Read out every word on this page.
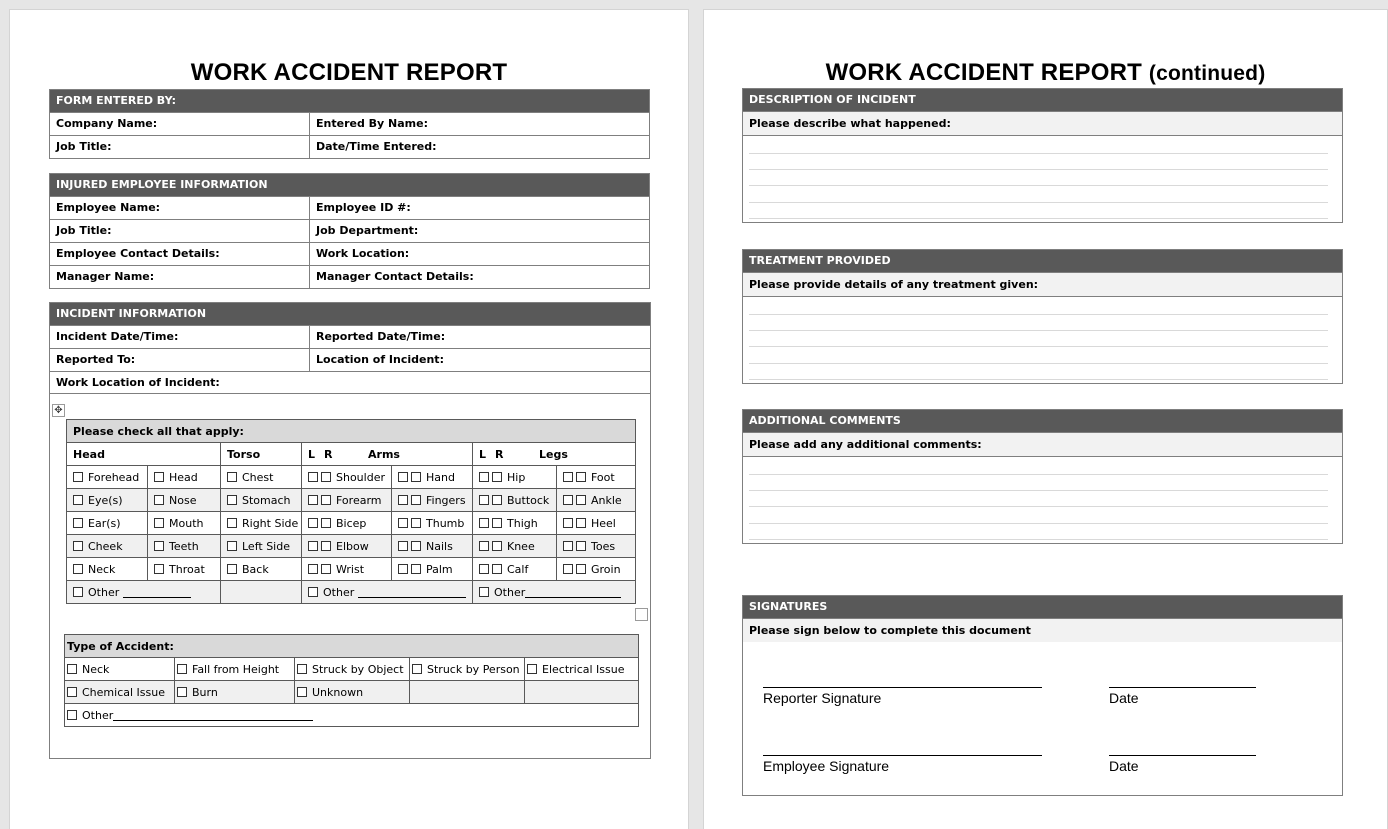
WORK ACCIDENT REPORT
FORM ENTERED BY:
Company Name:	Entered By Name:
Job Title:	Date/Time Entered:
INJURED EMPLOYEE INFORMATION
Employee Name:	Employee ID #:
Job Title:	Job Department:
Employee Contact Details:	Work Location:
Manager Name:	Manager Contact Details:
INCIDENT INFORMATION
Incident Date/Time:	Reported Date/Time:
Reported To:	Location of Incident:
Work Location of Incident:
✥
Please check all that apply:						
Head		Torso	L R Arms		L R Legs	
Forehead	Head	Chest	Shoulder	Hand	Hip	Foot
Eye(s)	Nose	Stomach	Forearm	Fingers	Buttock	Ankle
Ear(s)	Mouth	Right Side	Bicep	Thumb	Thigh	Heel
Cheek	Teeth	Left Side	Elbow	Nails	Knee	Toes
Neck	Throat	Back	Wrist	Palm	Calf	Groin
Other			Other		Other	
Type of Accident:				
Neck	Fall from Height	Struck by Object	Struck by Person	Electrical Issue
Chemical Issue	Burn	Unknown		
Other				
WORK ACCIDENT REPORT (continued)
DESCRIPTION OF INCIDENT
Please describe what happened:
TREATMENT PROVIDED
Please provide details of any treatment given:
ADDITIONAL COMMENTS
Please add any additional comments:
SIGNATURES
Please sign below to complete this document
Reporter Signature	Date
Employee Signature	Date
